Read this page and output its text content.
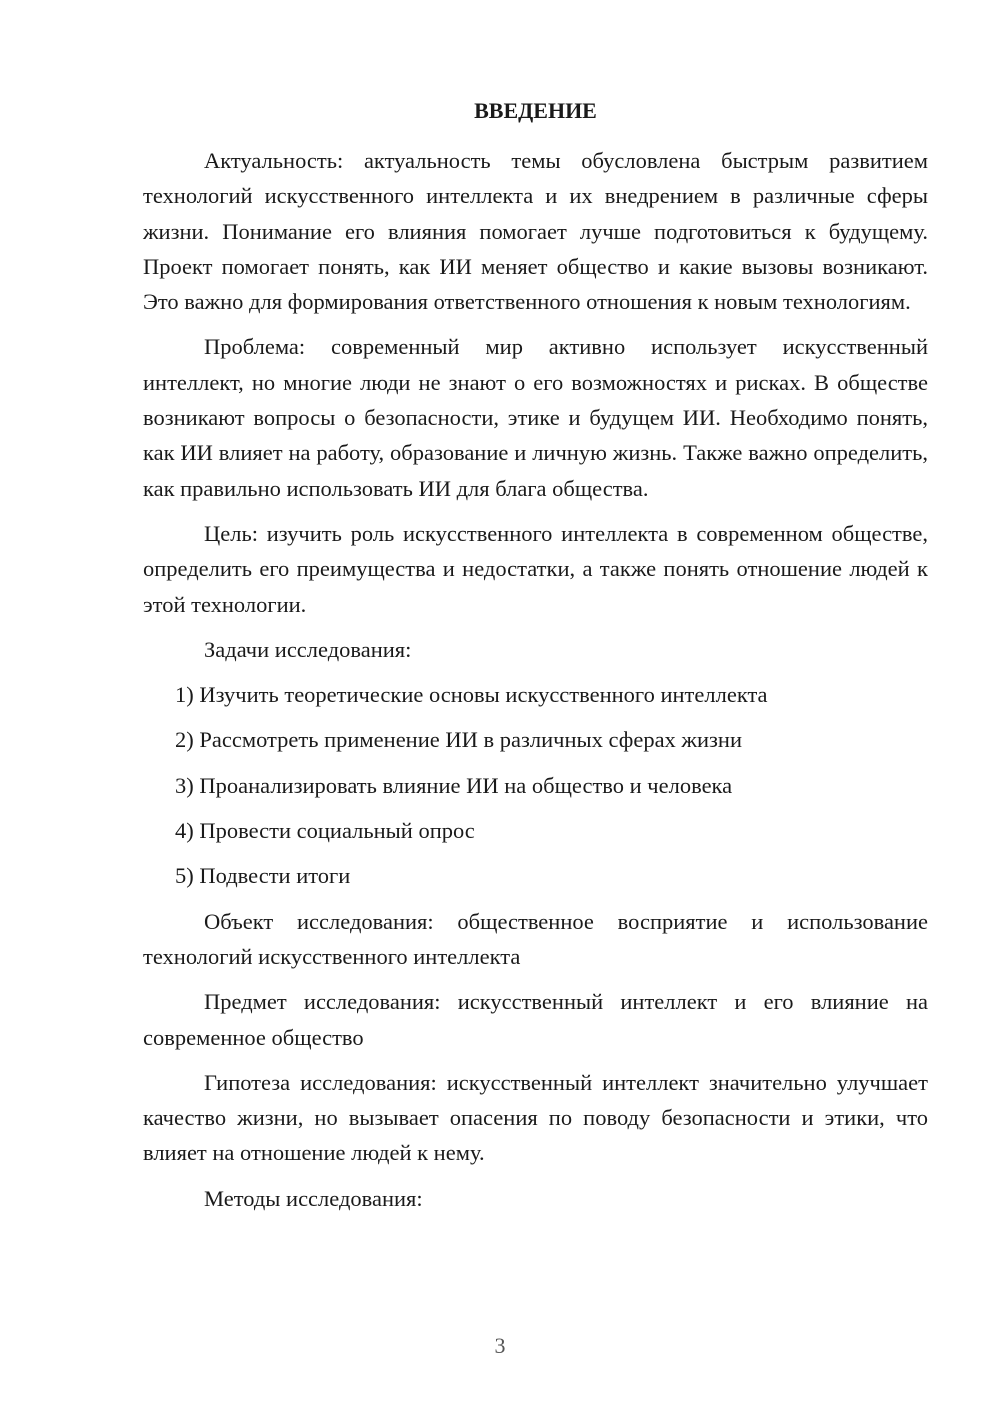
ВВЕДЕНИЕ

Актуальность: актуальность темы обусловлена быстрым развитием технологий искусственного интеллекта и их внедрением в различные сферы жизни. Понимание его влияния помогает лучше подготовиться к будущему. Проект помогает понять, как ИИ меняет общество и какие вызовы возникают. Это важно для формирования ответственного отношения к новым технологиям.

Проблема: современный мир активно использует искусственный интеллект, но многие люди не знают о его возможностях и рисках. В обществе возникают вопросы о безопасности, этике и будущем ИИ. Необходимо понять, как ИИ влияет на работу, образование и личную жизнь. Также важно определить, как правильно использовать ИИ для блага общества.

Цель: изучить роль искусственного интеллекта в современном обществе, определить его преимущества и недостатки, а также понять отношение людей к этой технологии.

Задачи исследования:

1) Изучить теоретические основы искусственного интеллекта

2) Рассмотреть применение ИИ в различных сферах жизни

3) Проанализировать влияние ИИ на общество и человека

4) Провести социальный опрос

5) Подвести итоги

Объект исследования: общественное восприятие и использование технологий искусственного интеллекта

Предмет исследования: искусственный интеллект и его влияние на современное общество

Гипотеза исследования: искусственный интеллект значительно улучшает качество жизни, но вызывает опасения по поводу безопасности и этики, что влияет на отношение людей к нему.

Методы исследования:

3
